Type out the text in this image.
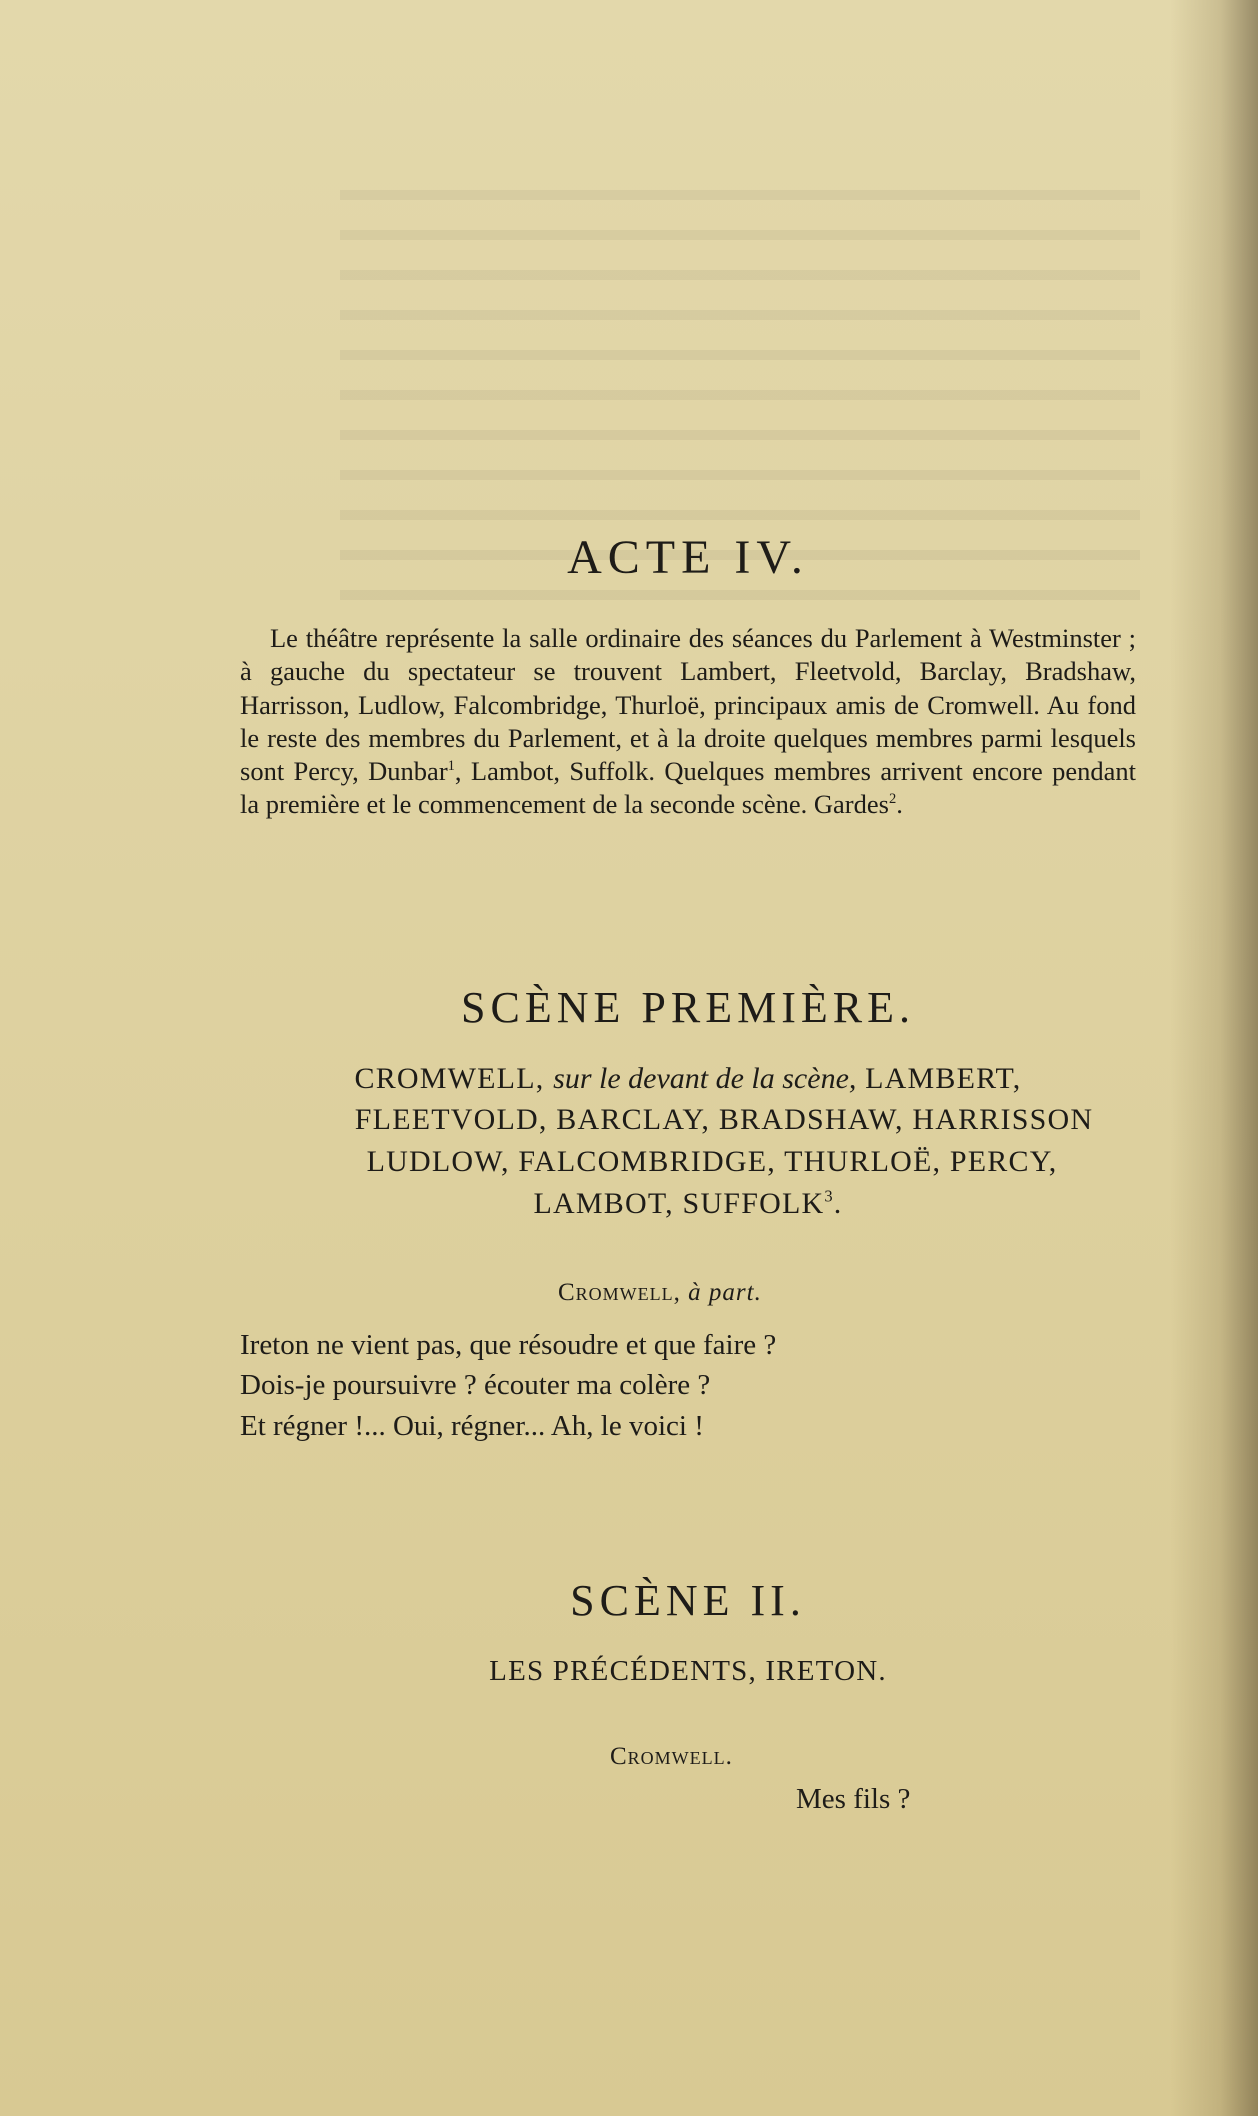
ACTE IV.

Le théâtre représente la salle ordinaire des séances du Parlement à Westminster ; à gauche du spectateur se trouvent Lambert, Fleetvold, Barclay, Bradshaw, Harrisson, Ludlow, Falcombridge, Thurloë, principaux amis de Cromwell. Au fond le reste des membres du Parlement, et à la droite quelques membres parmi lesquels sont Percy, Dunbar$^1$, Lambot, Suffolk. Quelques membres arrivent encore pendant la première et le commencement de la seconde scène. Gardes$^2$.

SCÈNE PREMIÈRE.
CROMWELL, sur le devant de la scène, LAMBERT,
FLEETVOLD, BARCLAY, BRADSHAW, HARRISSON
LUDLOW, FALCOMBRIDGE, THURLOË, PERCY,
LAMBOT, SUFFOLK$^3$.
Cromwell, à part.
Ireton ne vient pas, que résoudre et que faire ?
Dois-je poursuivre ? écouter ma colère ?
Et régner !... Oui, régner... Ah, le voici !
SCÈNE II.
LES PRÉCÉDENTS, IRETON.
Cromwell.
Mes fils ?
